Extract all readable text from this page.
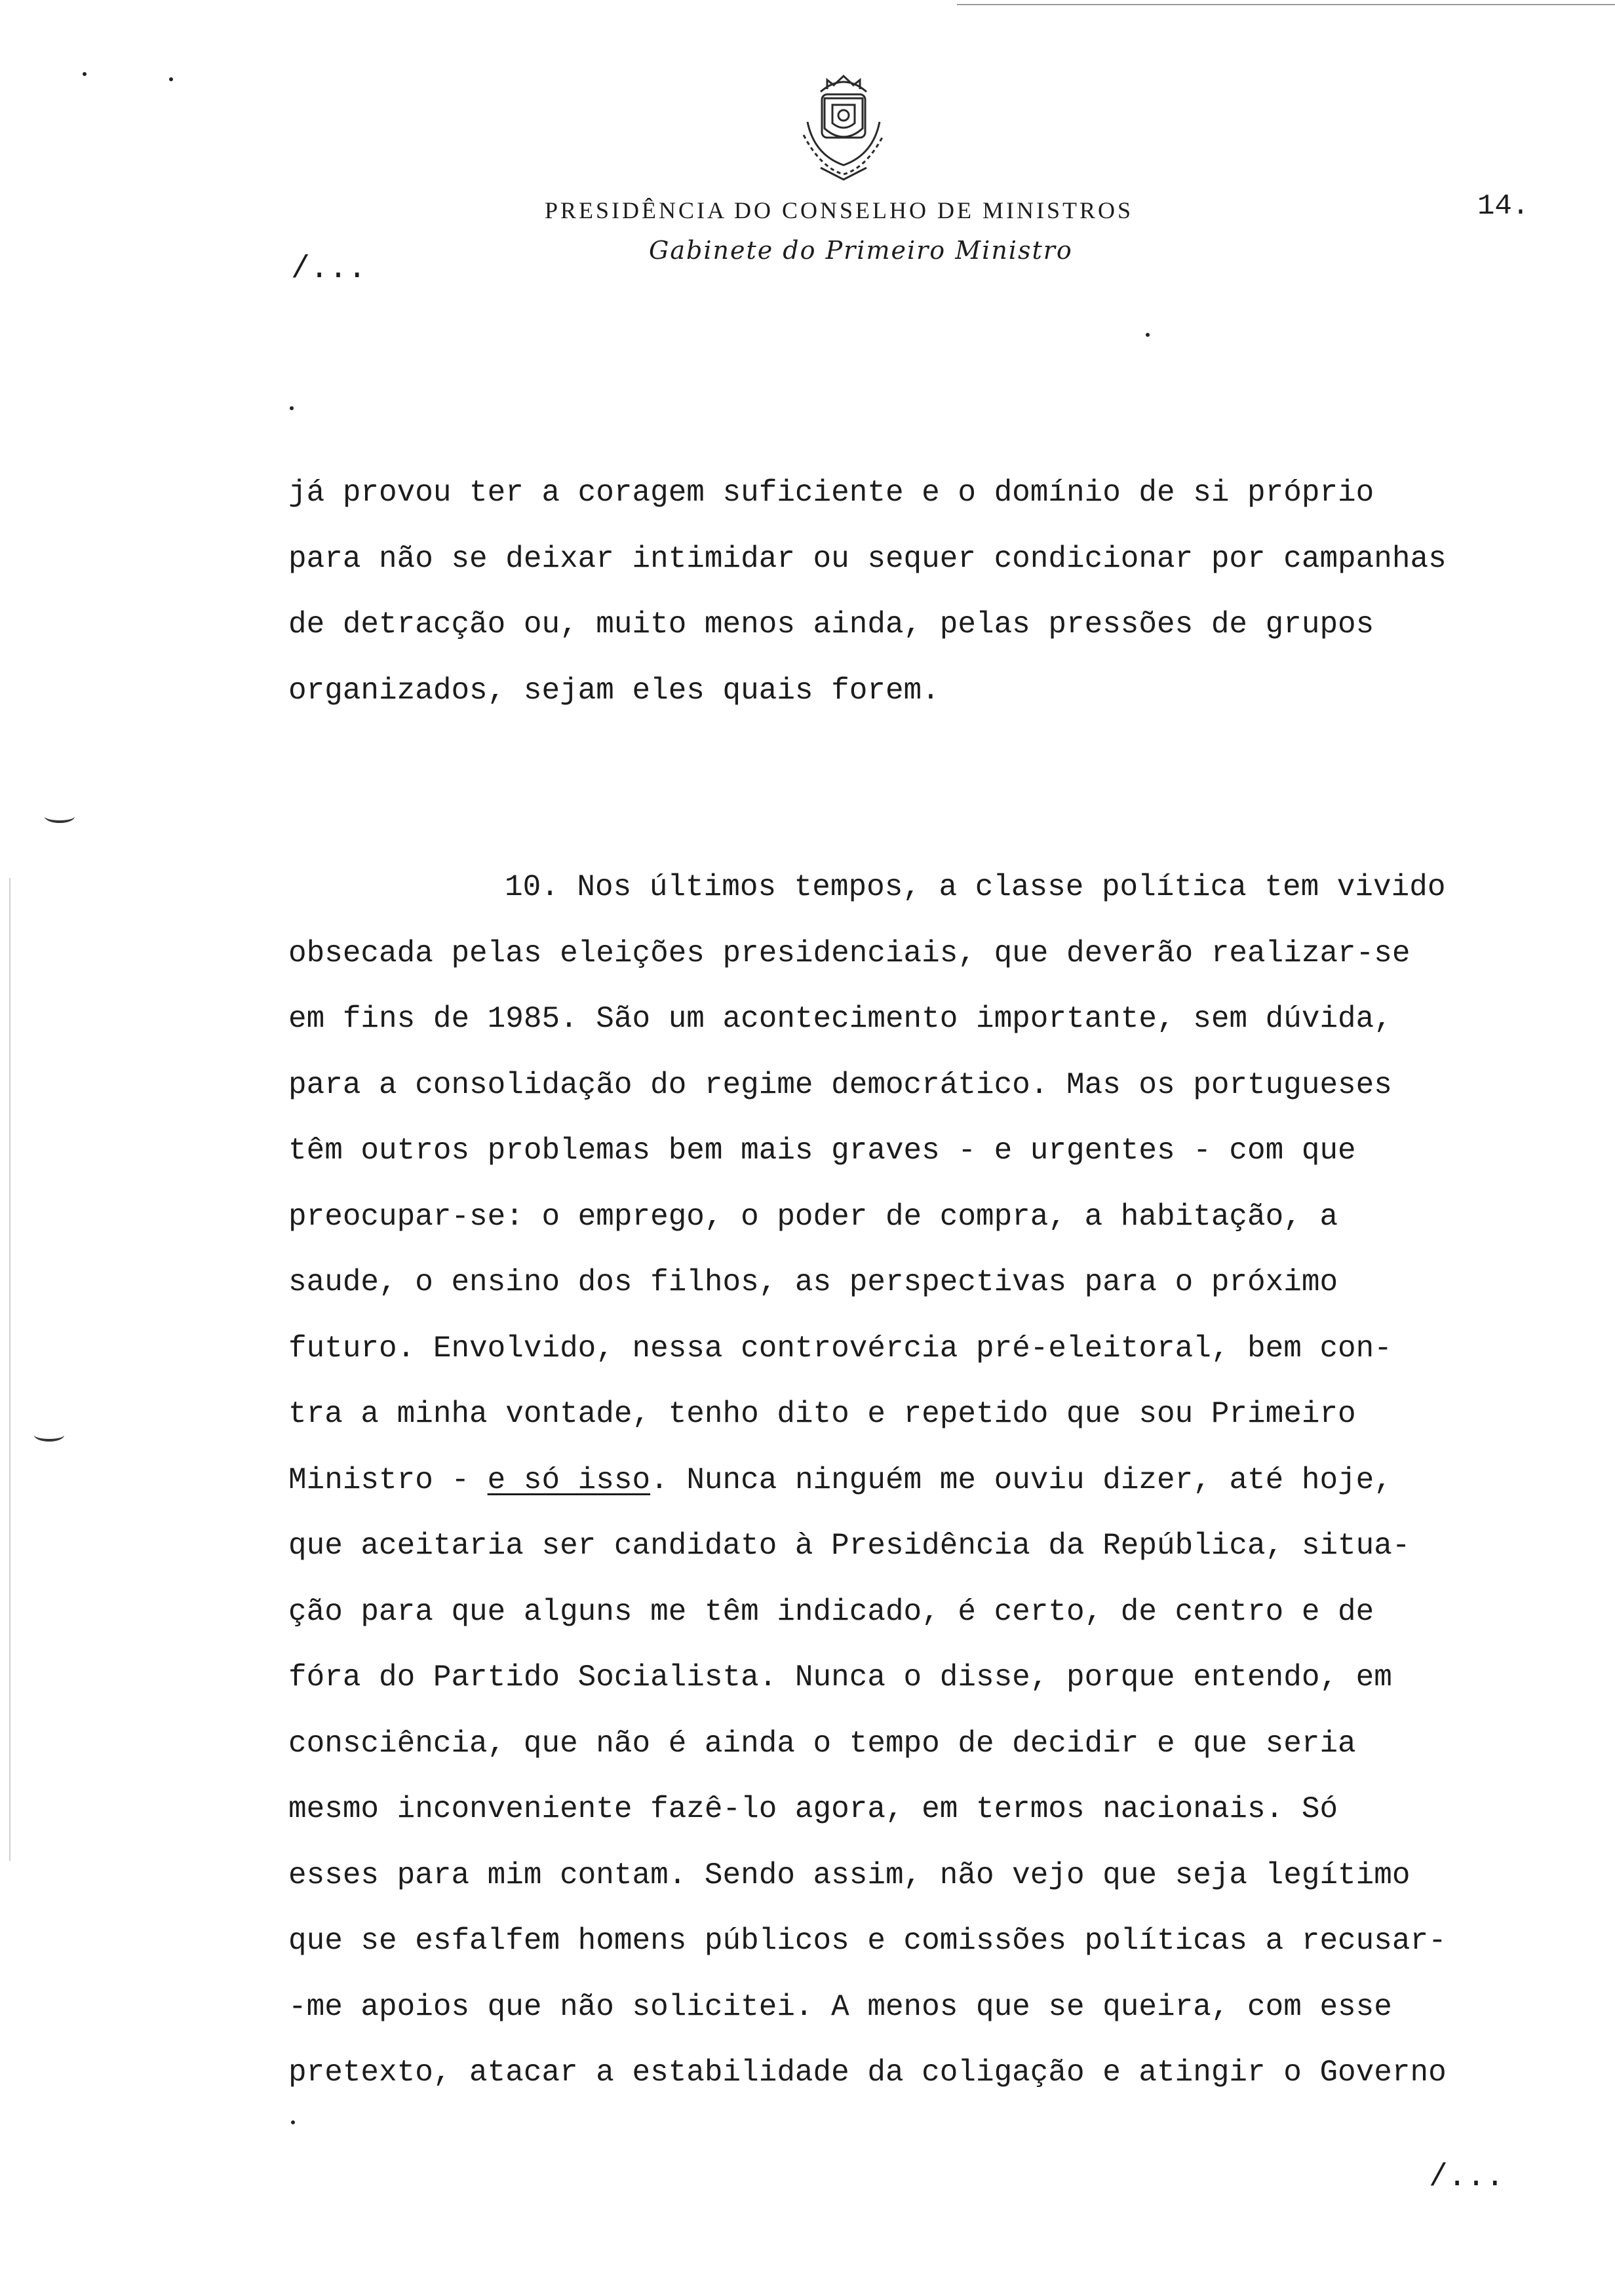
PRESIDÊNCIA DO CONSELHO DE MINISTROS
Gabinete do Primeiro Ministro
14.
/...
já provou ter a coragem suficiente e o domínio de si próprio
para não se deixar intimidar ou sequer condicionar por campanhas
de detracção ou, muito menos ainda, pelas pressões de grupos
organizados, sejam eles quais forem.
10. Nos últimos tempos, a classe política tem vivido
obsecada pelas eleições presidenciais, que deverão realizar-se
em fins de 1985. São um acontecimento importante, sem dúvida,
para a consolidação do regime democrático. Mas os portugueses
têm outros problemas bem mais graves - e urgentes - com que
preocupar-se: o emprego, o poder de compra, a habitação, a
saude, o ensino dos filhos, as perspectivas para o próximo
futuro. Envolvido, nessa controvércia pré-eleitoral, bem con-
tra a minha vontade, tenho dito e repetido que sou Primeiro
Ministro - e só isso. Nunca ninguém me ouviu dizer, até hoje,
que aceitaria ser candidato à Presidência da República, situa-
ção para que alguns me têm indicado, é certo, de centro e de
fóra do Partido Socialista. Nunca o disse, porque entendo, em
consciência, que não é ainda o tempo de decidir e que seria
mesmo inconveniente fazê-lo agora, em termos nacionais. Só
esses para mim contam. Sendo assim, não vejo que seja legítimo
que se esfalfem homens públicos e comissões políticas a recusar-
-me apoios que não solicitei. A menos que se queira, com esse
pretexto, atacar a estabilidade da coligação e atingir o Governo
/...
